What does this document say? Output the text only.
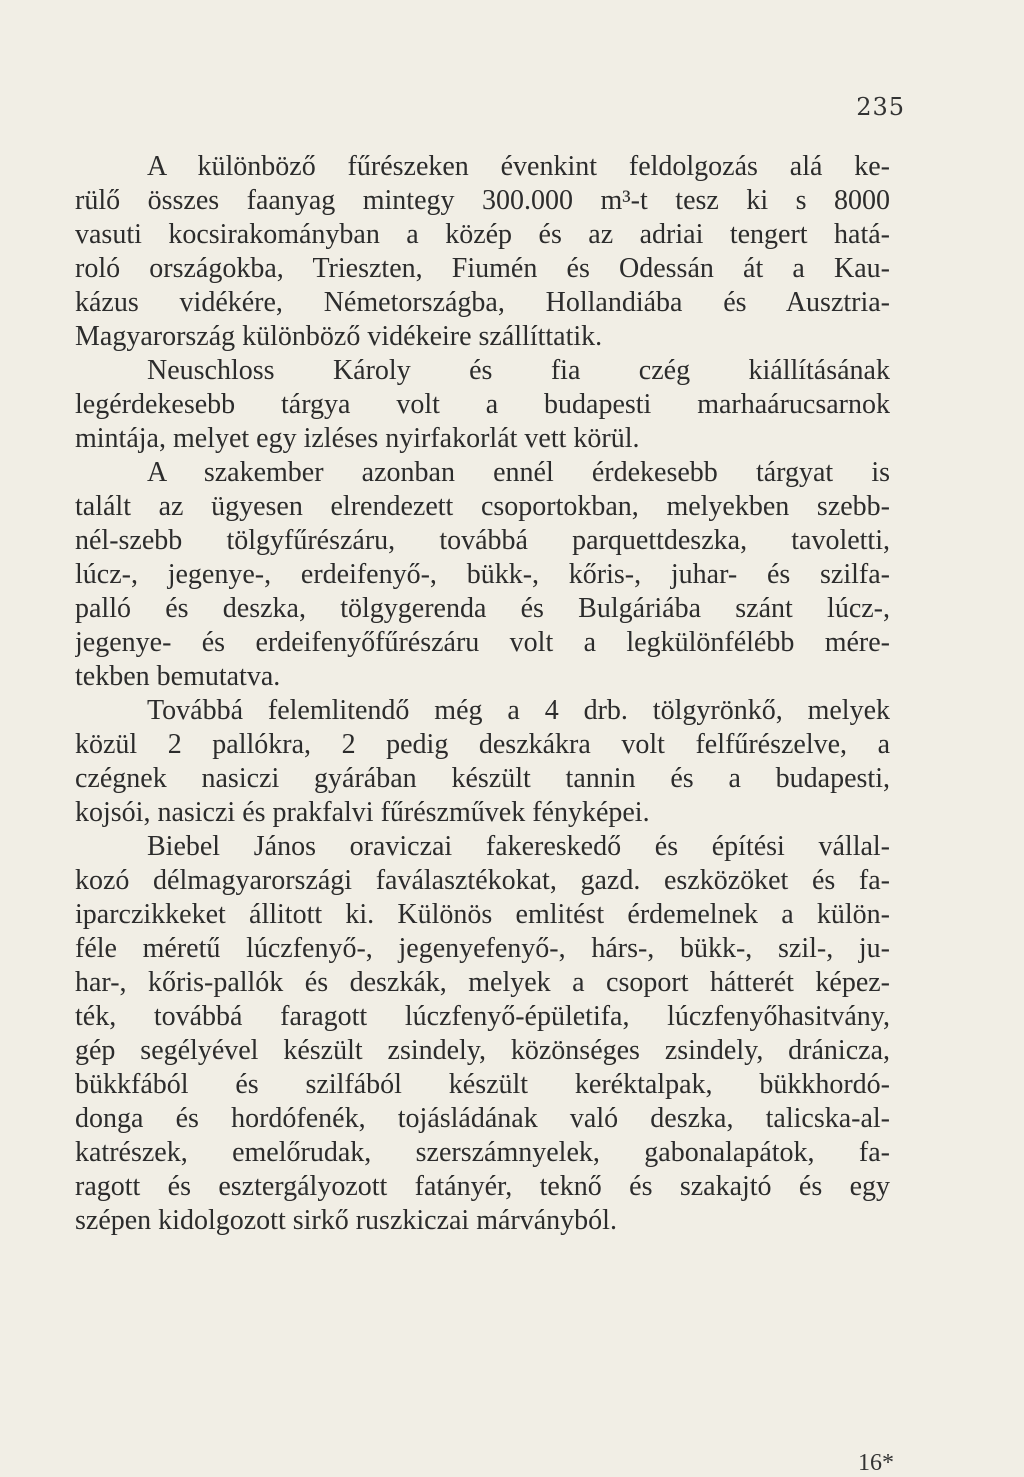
235
A különböző fűrészeken évenkint feldolgozás alá ke-
rülő összes faanyag mintegy 300.000 m³-t tesz ki s 8000
vasuti kocsirakományban a közép és az adriai tengert hatá-
roló országokba, Trieszten, Fiumén és Odessán át a Kau-
kázus vidékére, Németországba, Hollandiába és Ausztria-
Magyarország különböző vidékeire szállíttatik.
Neuschloss Károly és fia czég kiállításának
legérdekesebb tárgya volt a budapesti marhaárucsarnok
mintája, melyet egy izléses nyirfakorlát vett körül.
A szakember azonban ennél érdekesebb tárgyat is
talált az ügyesen elrendezett csoportokban, melyekben szebb-
nél-szebb tölgyfűrészáru, továbbá parquettdeszka, tavoletti,
lúcz-, jegenye-, erdeifenyő-, bükk-, kőris-, juhar- és szilfa-
palló és deszka, tölgygerenda és Bulgáriába szánt lúcz-,
jegenye- és erdeifenyőfűrészáru volt a legkülönfélébb mére-
tekben bemutatva.
Továbbá felemlitendő még a 4 drb. tölgyrönkő, melyek
közül 2 pallókra, 2 pedig deszkákra volt felfűrészelve, a
czégnek nasiczi gyárában készült tannin és a budapesti,
kojsói, nasiczi és prakfalvi fűrészművek fényképei.
Biebel János oraviczai fakereskedő és építési vállal-
kozó délmagyarországi faválasztékokat, gazd. eszközöket és fa-
iparczikkeket állitott ki. Különös emlitést érdemelnek a külön-
féle méretű lúczfenyő-, jegenyefenyő-, hárs-, bükk-, szil-, ju-
har-, kőris-pallók és deszkák, melyek a csoport hátterét képez-
ték, továbbá faragott lúczfenyő-épületifa, lúczfenyőhasitvány,
gép segélyével készült zsindely, közönséges zsindely, dránicza,
bükkfából és szilfából készült keréktalpak, bükkhordó-
donga és hordófenék, tojásládának való deszka, talicska-al-
katrészek, emelőrudak, szerszámnyelek, gabonalapátok, fa-
ragott és esztergályozott fatányér, teknő és szakajtó és egy
szépen kidolgozott sirkő ruszkiczai márványból.
16*
